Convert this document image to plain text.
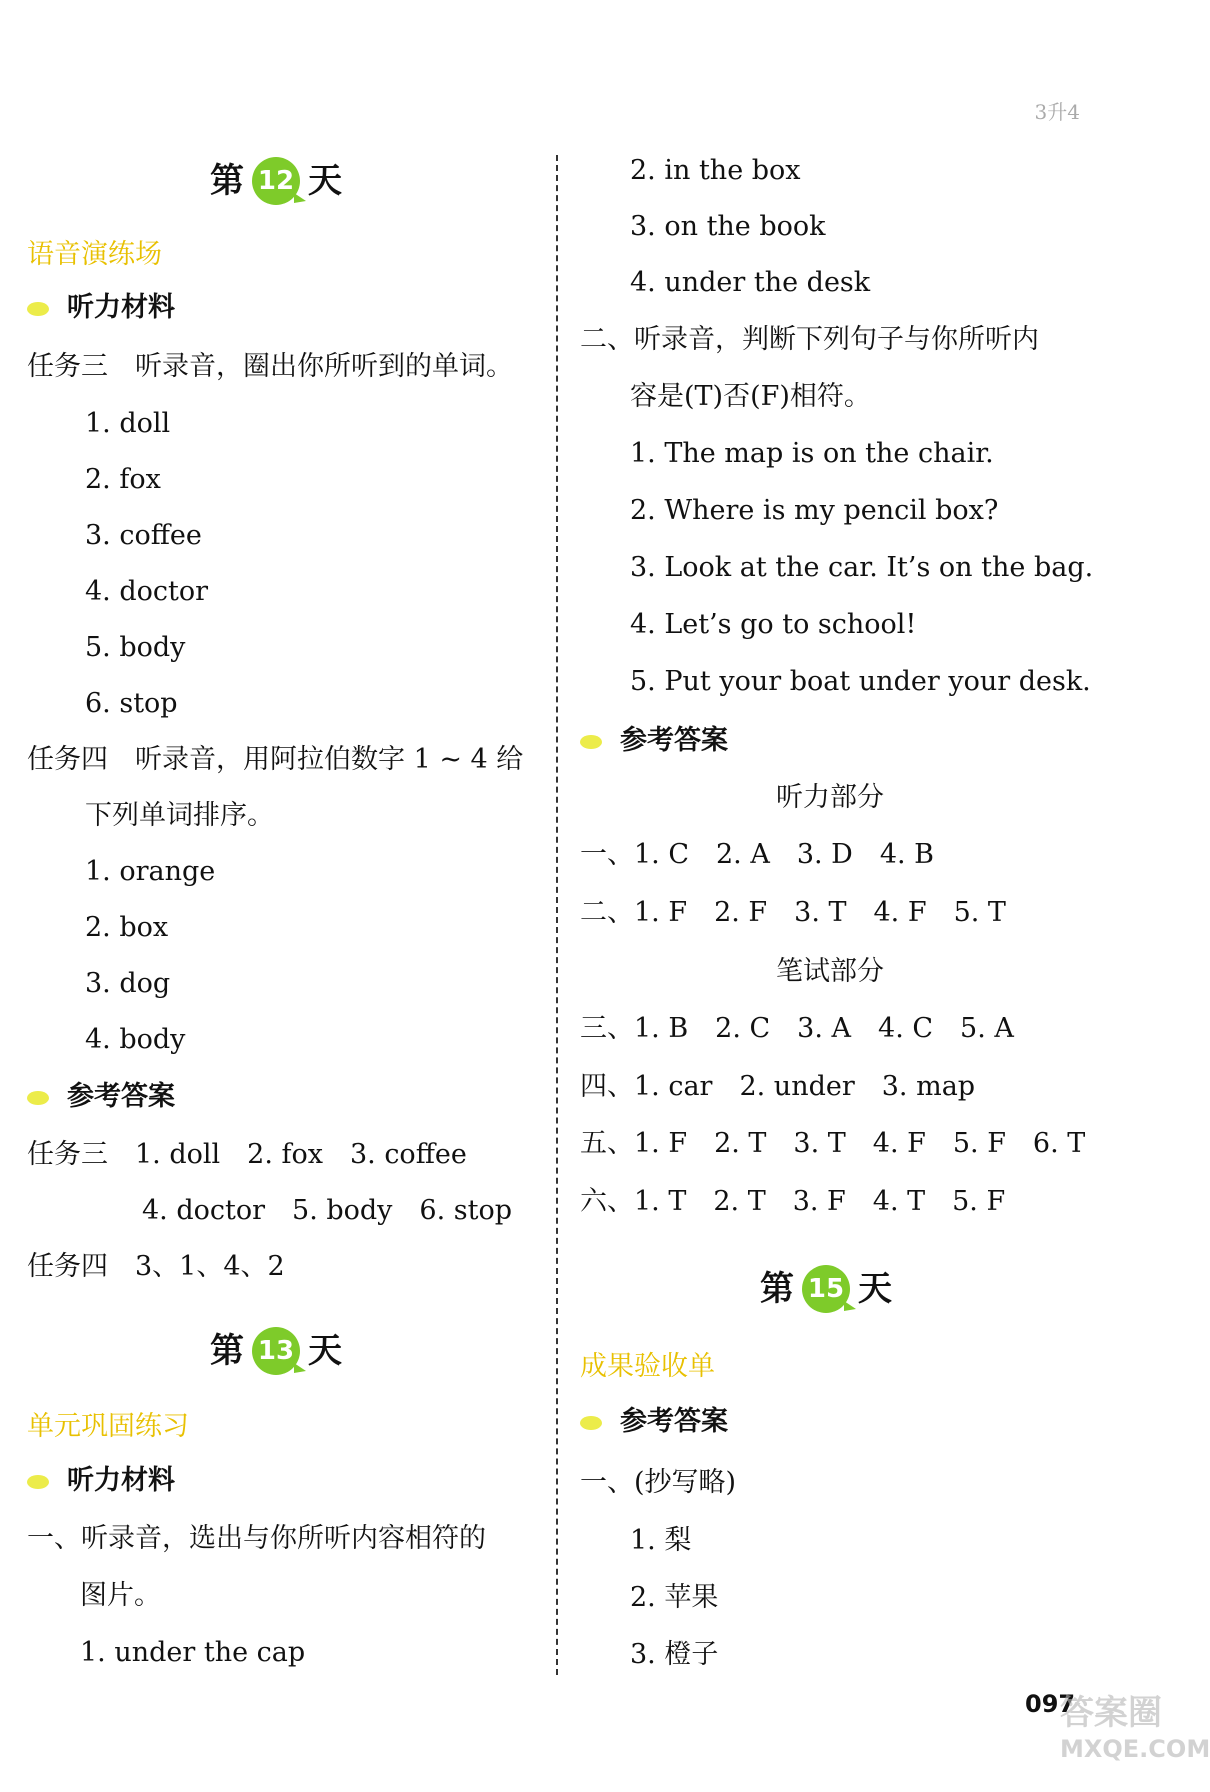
3升4
第 12 天
语音演练场
听力材料
任务三　听录音，圈出你所听到的单词。
1. doll
2. fox
3. coffee
4. doctor
5. body
6. stop
任务四　听录音，用阿拉伯数字 1 ~ 4 给
下列单词排序。
1. orange
2. box
3. dog
4. body
参考答案
任务三　1. doll　2. fox　3. coffee
4. doctor　5. body　6. stop
任务四　3、1、4、2
第 13 天
单元巩固练习
听力材料
一、听录音，选出与你所听内容相符的
图片。
1. under the cap
2. in the box
3. on the book
4. under the desk
二、听录音，判断下列句子与你所听内
容是(T)否(F)相符。
1. The map is on the chair.
2. Where is my pencil box?
3. Look at the car. It’s on the bag.
4. Let’s go to school!
5. Put your boat under your desk.
参考答案
听力部分
一、1. C　2. A　3. D　4. B
二、1. F　2. F　3. T　4. F　5. T
笔试部分
三、1. B　2. C　3. A　4. C　5. A
四、1. car　2. under　3. map
五、1. F　2. T　3. T　4. F　5. F　6. T
六、1. T　2. T　3. F　4. T　5. F
第 15 天
成果验收单
参考答案
一、(抄写略)
1. 梨
2. 苹果
3. 橙子
097
答案圈
MXQE.COM
